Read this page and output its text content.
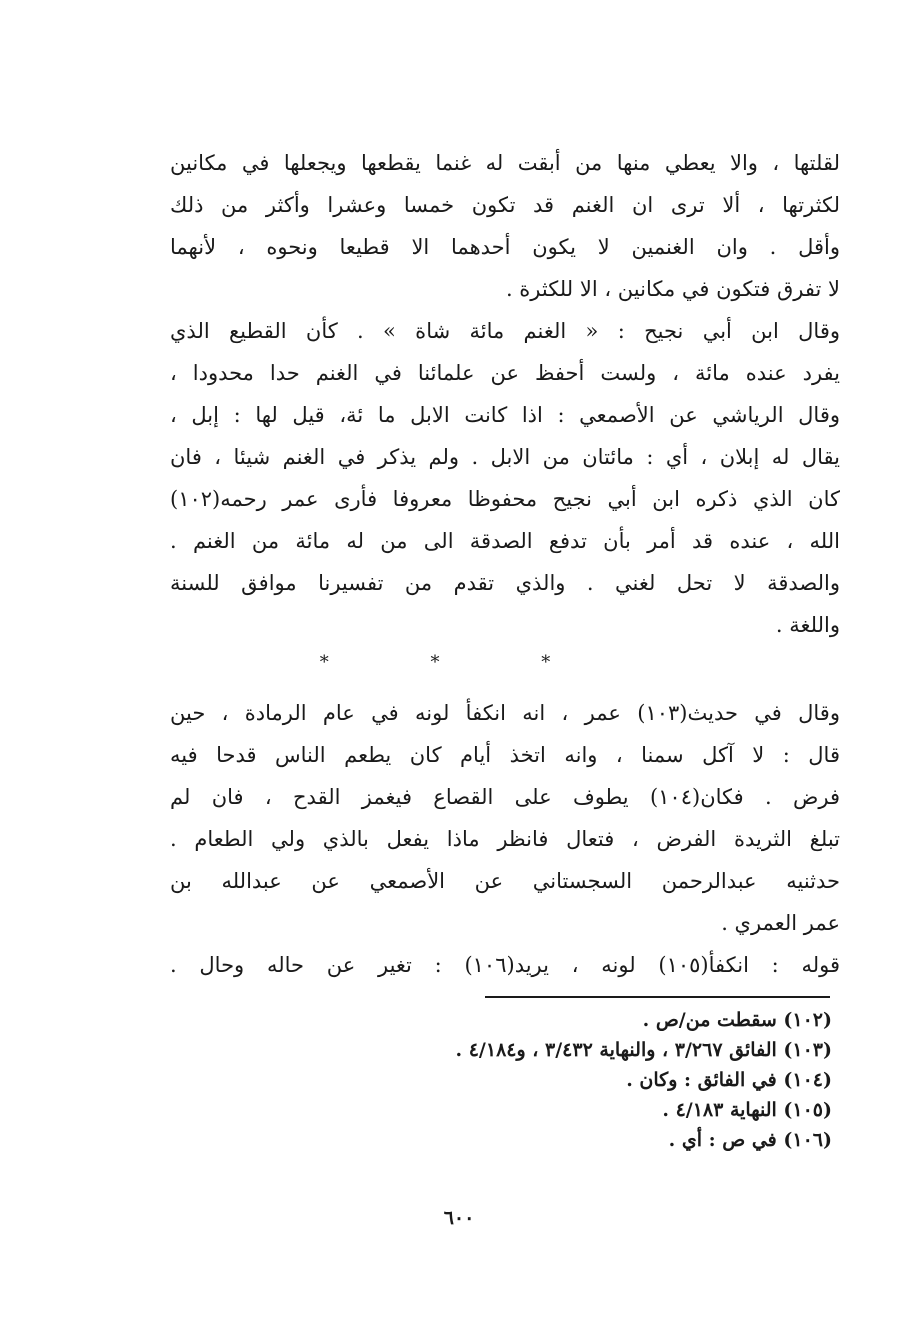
لقلتها ، والا يعطي منها من أبقت له غنما يقطعها ويجعلها في مكانين
لكثرتها ، ألا ترى ان الغنم قد تكون خمسا وعشرا وأكثر من ذلك
وأقل . وان الغنمين لا يكون أحدهما الا قطيعا ونحوه ، لأنهما
لا تفرق فتكون في مكانين ، الا للكثرة .
وقال ابن أبي نجيح : « الغنم مائة شاة » . كأن القطيع الذي
يفرد عنده مائة ، ولست أحفظ عن علمائنا في الغنم حدا محدودا ،
وقال الرياشي عن الأصمعي : اذا كانت الابل ما ئة، قيل لها : إبل ،
يقال له إبلان ، أي : مائتان من الابل . ولم يذكر في الغنم شيئا ، فان
كان الذي ذكره ابن أبي نجيح محفوظا معروفا فأرى عمر رحمه(١٠٢)
الله ، عنده قد أمر بأن تدفع الصدقة الى من له مائة من الغنم .
والصدقة لا تحل لغني . والذي تقدم من تفسيرنا موافق للسنة
واللغة .
* * *
وقال في حديث(١٠٣) عمر ، انه انكفأ لونه في عام الرمادة ، حين
قال : لا آكل سمنا ، وانه اتخذ أيام كان يطعم الناس قدحا فيه
فرض . فكان(١٠٤) يطوف على القصاع فيغمز القدح ، فان لم
تبلغ الثريدة الفرض ، فتعال فانظر ماذا يفعل بالذي ولي الطعام .
حدثنيه عبدالرحمن السجستاني عن الأصمعي عن عبدالله بن
عمر العمري .
قوله : انكفأ(١٠٥) لونه ، يريد(١٠٦) : تغير عن حاله وحال .
(١٠٢) سقطت من/ص .
(١٠٣) الفائق ٣/٢٦٧ ، والنهاية ٣/٤٣٢ ، و٤/١٨٤ .
(١٠٤) في الفائق : وكان .
(١٠٥) النهاية ٤/١٨٣ .
(١٠٦) في ص : أي .
٦٠٠
